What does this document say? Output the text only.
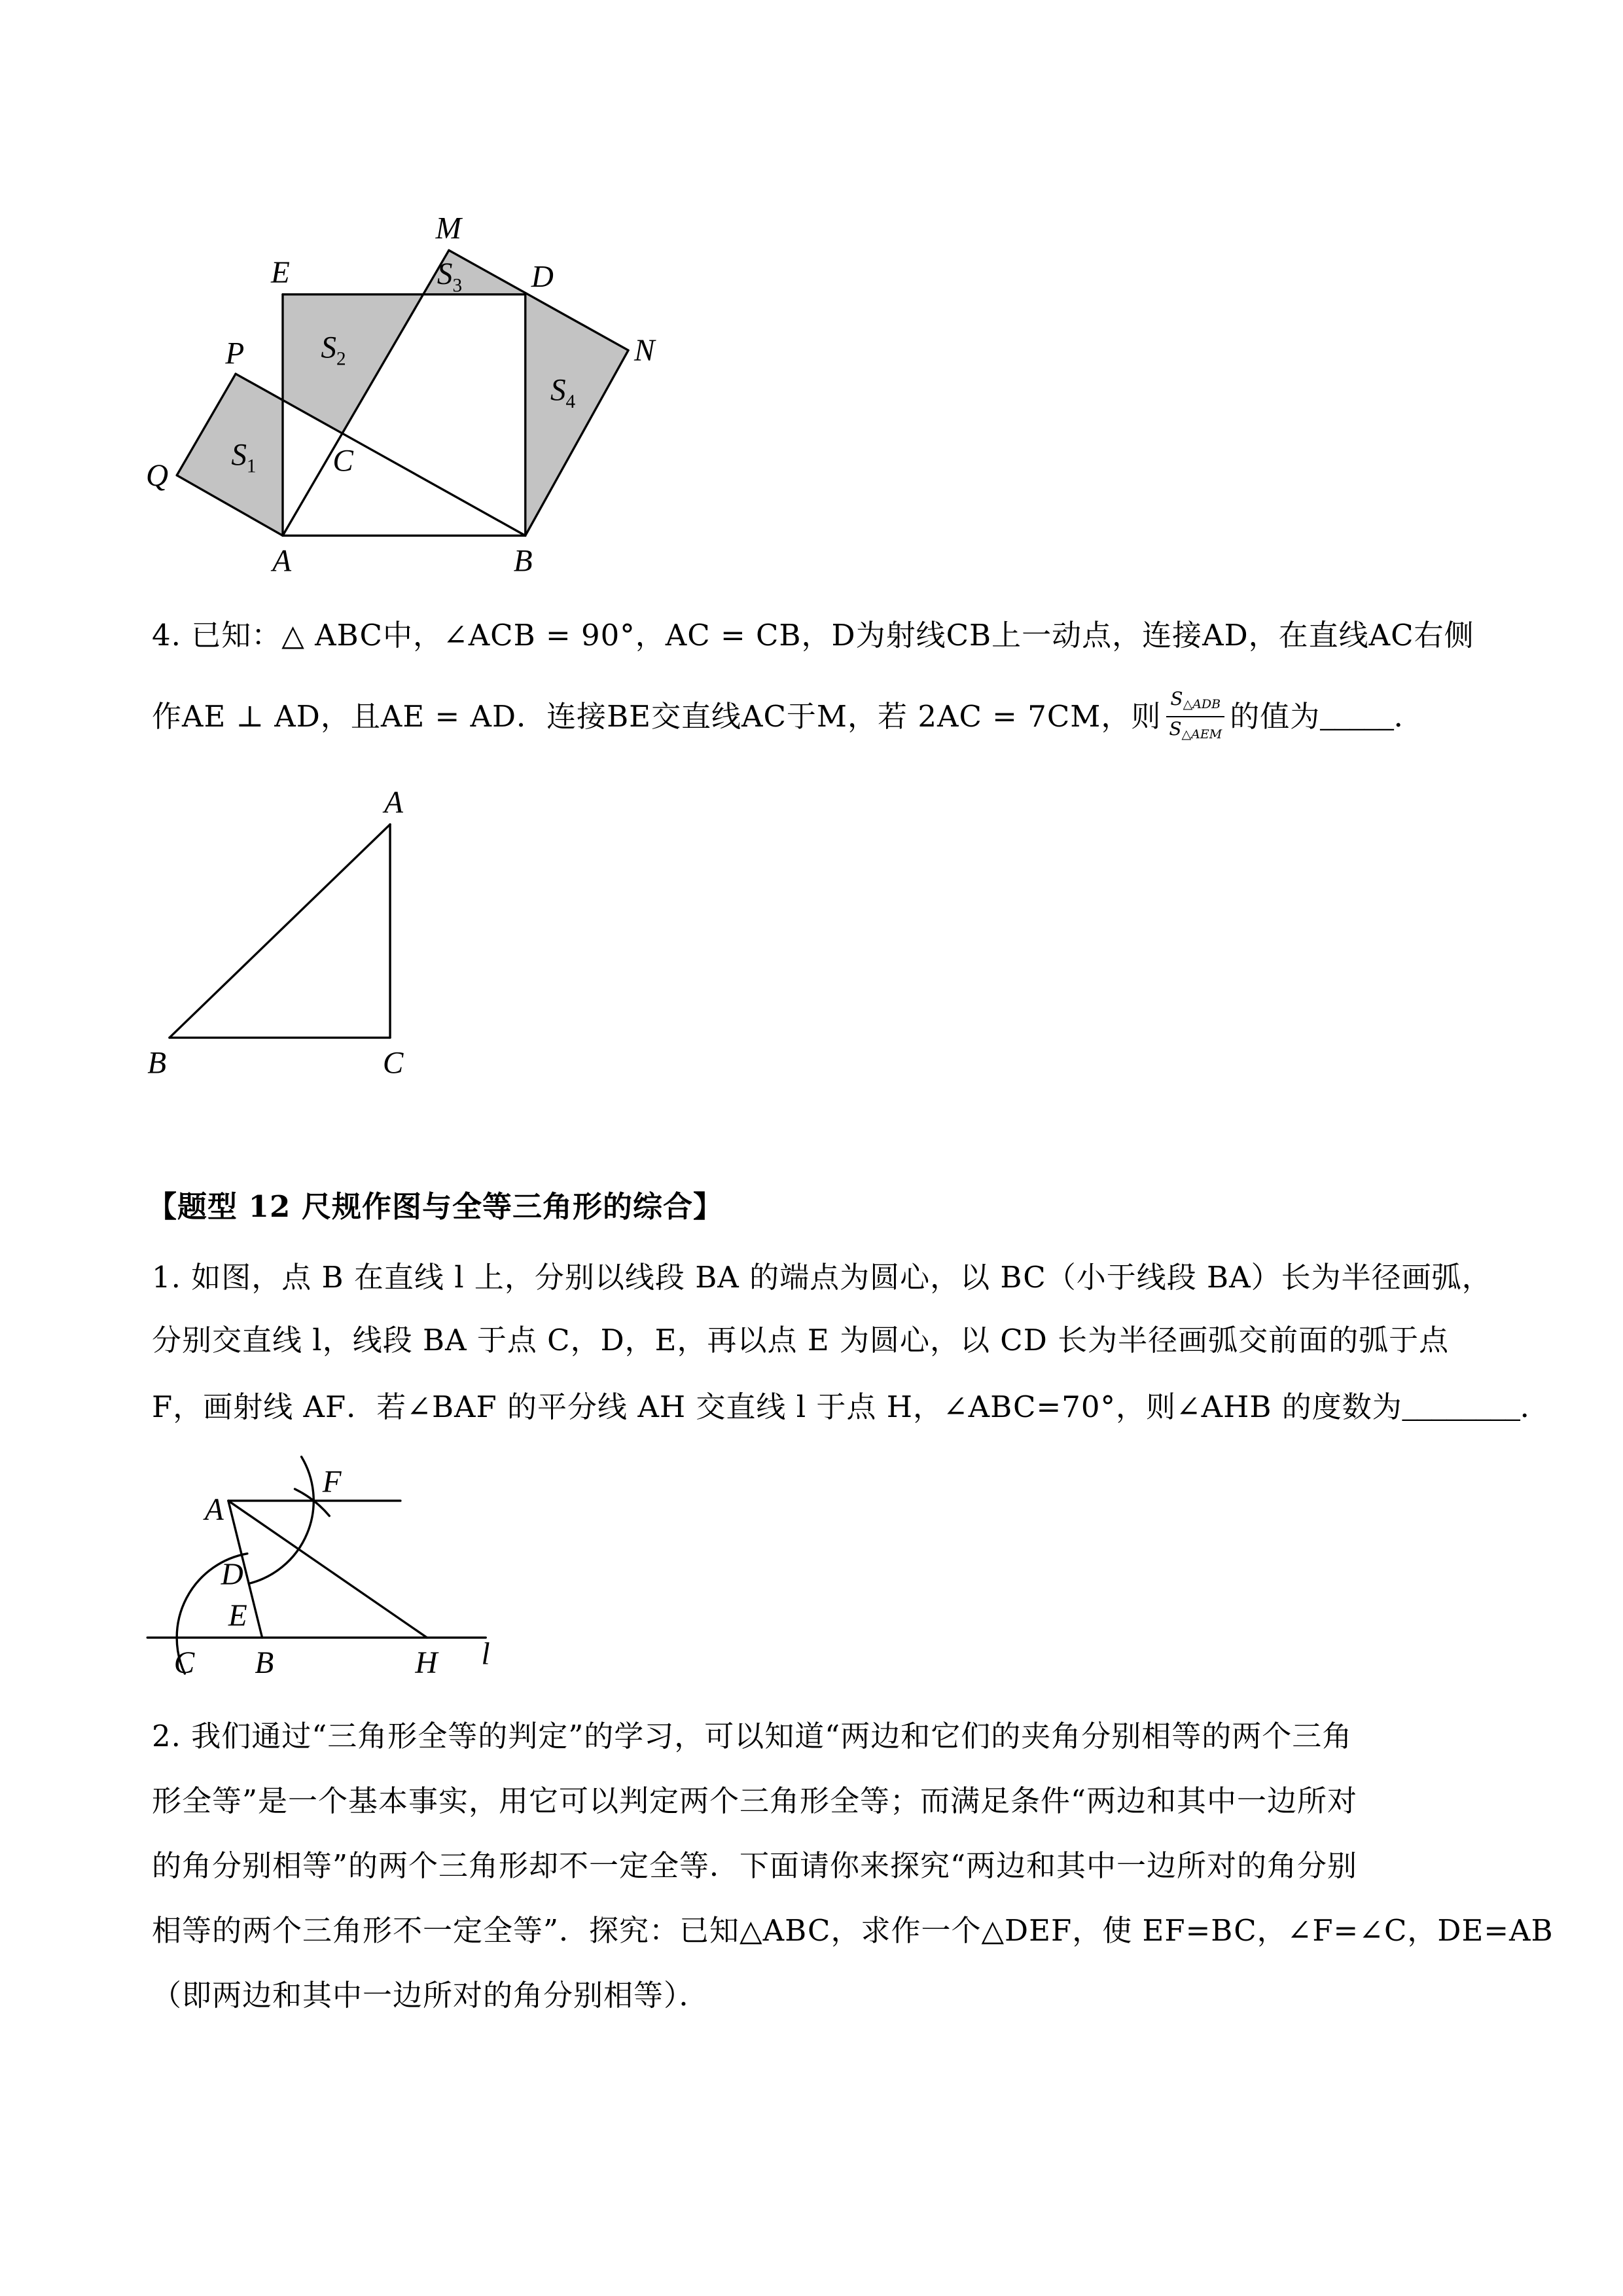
M
E	D
P	N
Q	C
A	B
$S_1$
$S_2$
$S_3$
$S_4$
4. 已知：△ ABC中，∠ACB = 90°，AC = CB，D为射线CB上一动点，连接AD，在直线AC右侧
作AE ⊥ AD，且AE = AD．连接BE交直线AC于M，若 2AC = 7CM，则 $\frac{S_{\triangle ADB}}{S_{\triangle AEM}}$ 的值为 _____ ．
A
B	C
【题型 12 尺规作图与全等三角形的综合】
1. 如图，点 B 在直线 l 上，分别以线段 BA 的端点为圆心，以 BC（小于线段 BA）长为半径画弧，
分别交直线 l，线段 BA 于点 C，D，E，再以点 E 为圆心，以 CD 长为半径画弧交前面的弧于点
F，画射线 AF．若∠BAF 的平分线 AH 交直线 l 于点 H，∠ABC=70°，则∠AHB 的度数为________．
A
F
D
E
C	B	H	l
2. 我们通过“三角形全等的判定”的学习，可以知道“两边和它们的夹角分别相等的两个三角
形全等”是一个基本事实，用它可以判定两个三角形全等；而满足条件“两边和其中一边所对
的角分别相等”的两个三角形却不一定全等．下面请你来探究“两边和其中一边所对的角分别
相等的两个三角形不一定全等”．探究：已知△ABC，求作一个△DEF，使 EF=BC，∠F=∠C，DE=AB
（即两边和其中一边所对的角分别相等）．
